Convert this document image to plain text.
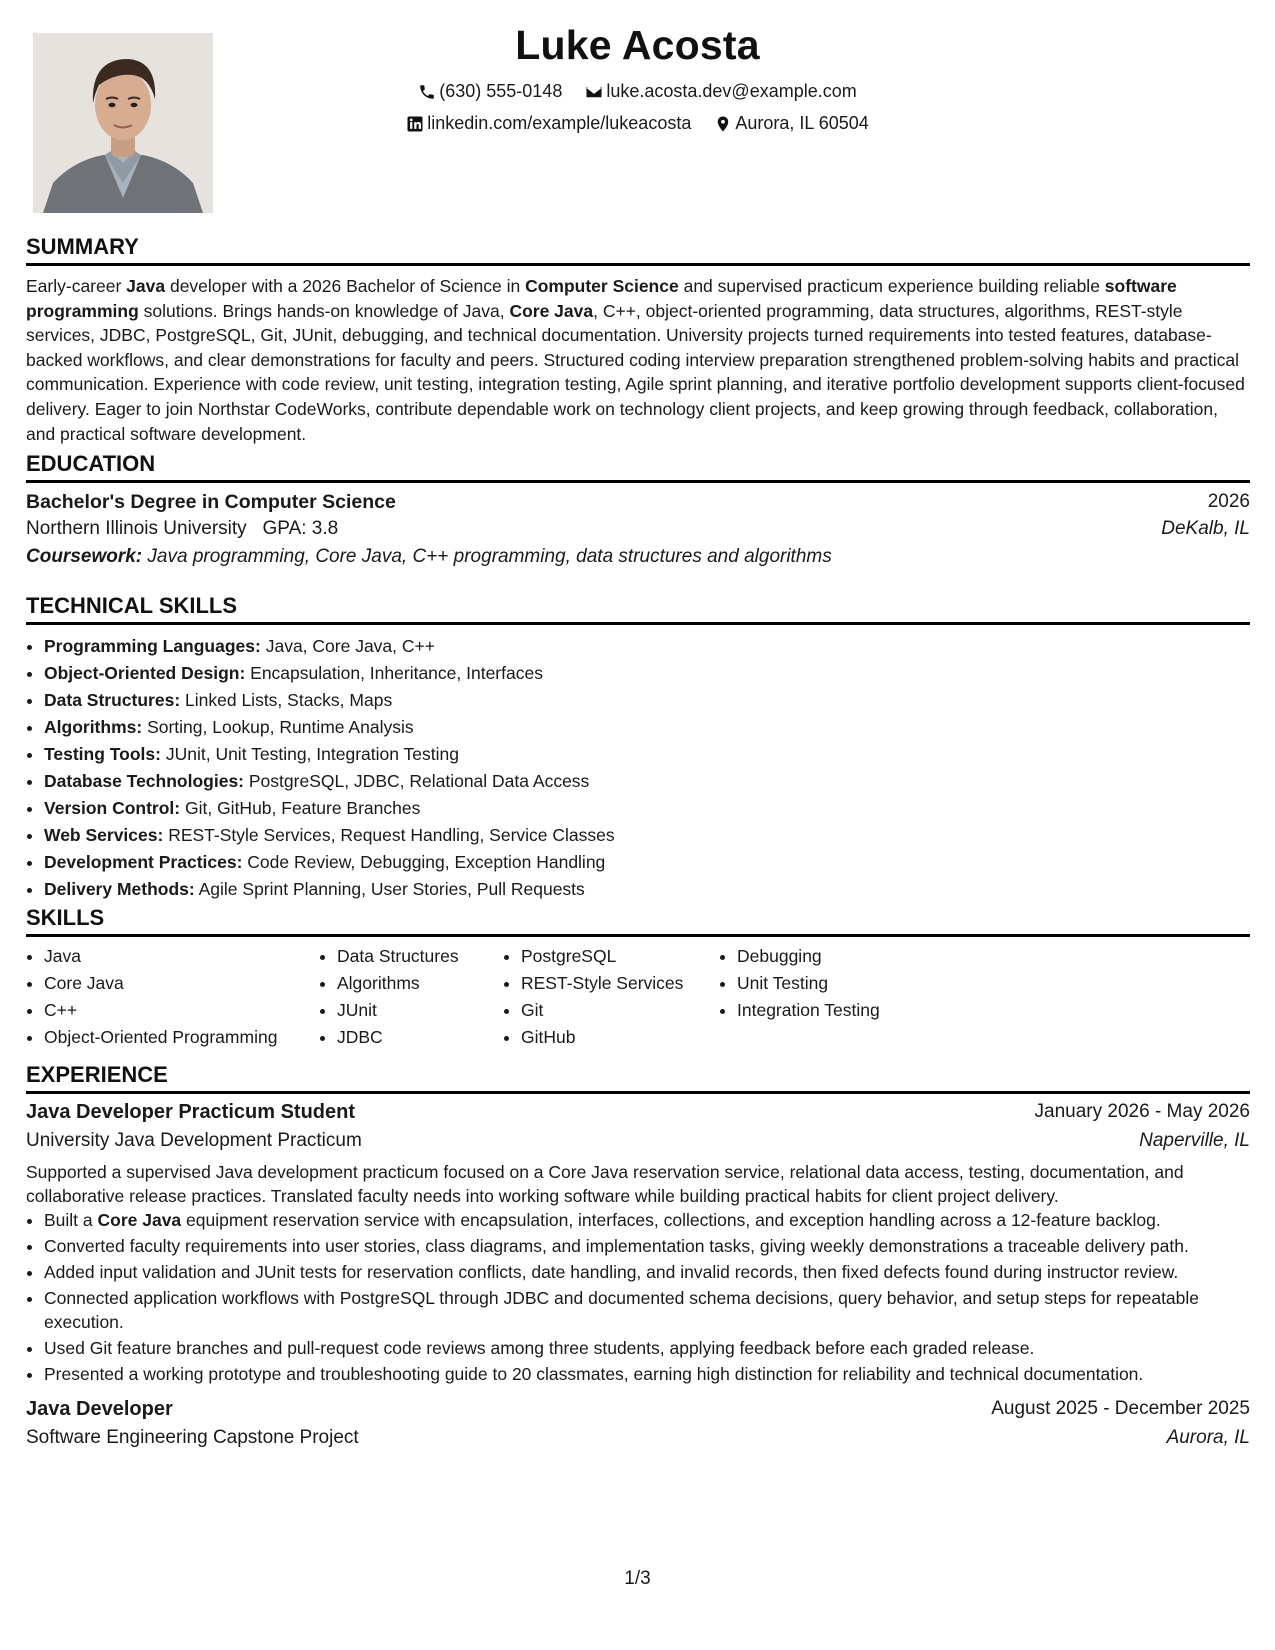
Luke Acosta
(630) 555-0148
luke.acosta.dev@example.com
linkedin.com/example/lukeacosta
Aurora, IL 60504
SUMMARY
Early-career Java developer with a 2026 Bachelor of Science in Computer Science and supervised practicum experience building reliable software programming solutions. Brings hands-on knowledge of Java, Core Java, C++, object-oriented programming, data structures, algorithms, REST-style services, JDBC, PostgreSQL, Git, JUnit, debugging, and technical documentation. University projects turned requirements into tested features, database-backed workflows, and clear demonstrations for faculty and peers. Structured coding interview preparation strengthened problem-solving habits and practical communication. Experience with code review, unit testing, integration testing, Agile sprint planning, and iterative portfolio development supports client-focused delivery. Eager to join Northstar CodeWorks, contribute dependable work on technology client projects, and keep growing through feedback, collaboration, and practical software development.
EDUCATION
Bachelor's Degree in Computer Science	2026
Northern Illinois University GPA: 3.8	DeKalb, IL
Coursework: Java programming, Core Java, C++ programming, data structures and algorithms
TECHNICAL SKILLS
• Programming Languages: Java, Core Java, C++
• Object-Oriented Design: Encapsulation, Inheritance, Interfaces
• Data Structures: Linked Lists, Stacks, Maps
• Algorithms: Sorting, Lookup, Runtime Analysis
• Testing Tools: JUnit, Unit Testing, Integration Testing
• Database Technologies: PostgreSQL, JDBC, Relational Data Access
• Version Control: Git, GitHub, Feature Branches
• Web Services: REST-Style Services, Request Handling, Service Classes
• Development Practices: Code Review, Debugging, Exception Handling
• Delivery Methods: Agile Sprint Planning, User Stories, Pull Requests
SKILLS
• Java
• Core Java
• C++
• Object-Oriented Programming
• Data Structures
• Algorithms
• JUnit
• JDBC
• PostgreSQL
• REST-Style Services
• Git
• GitHub
• Debugging
• Unit Testing
• Integration Testing
EXPERIENCE
Java Developer Practicum Student	January 2026 - May 2026
University Java Development Practicum	Naperville, IL
Supported a supervised Java development practicum focused on a Core Java reservation service, relational data access, testing, documentation, and collaborative release practices. Translated faculty needs into working software while building practical habits for client project delivery.
• Built a Core Java equipment reservation service with encapsulation, interfaces, collections, and exception handling across a 12-feature backlog.
• Converted faculty requirements into user stories, class diagrams, and implementation tasks, giving weekly demonstrations a traceable delivery path.
• Added input validation and JUnit tests for reservation conflicts, date handling, and invalid records, then fixed defects found during instructor review.
• Connected application workflows with PostgreSQL through JDBC and documented schema decisions, query behavior, and setup steps for repeatable execution.
• Used Git feature branches and pull-request code reviews among three students, applying feedback before each graded release.
• Presented a working prototype and troubleshooting guide to 20 classmates, earning high distinction for reliability and technical documentation.
Java Developer	August 2025 - December 2025
Software Engineering Capstone Project	Aurora, IL
1/3
